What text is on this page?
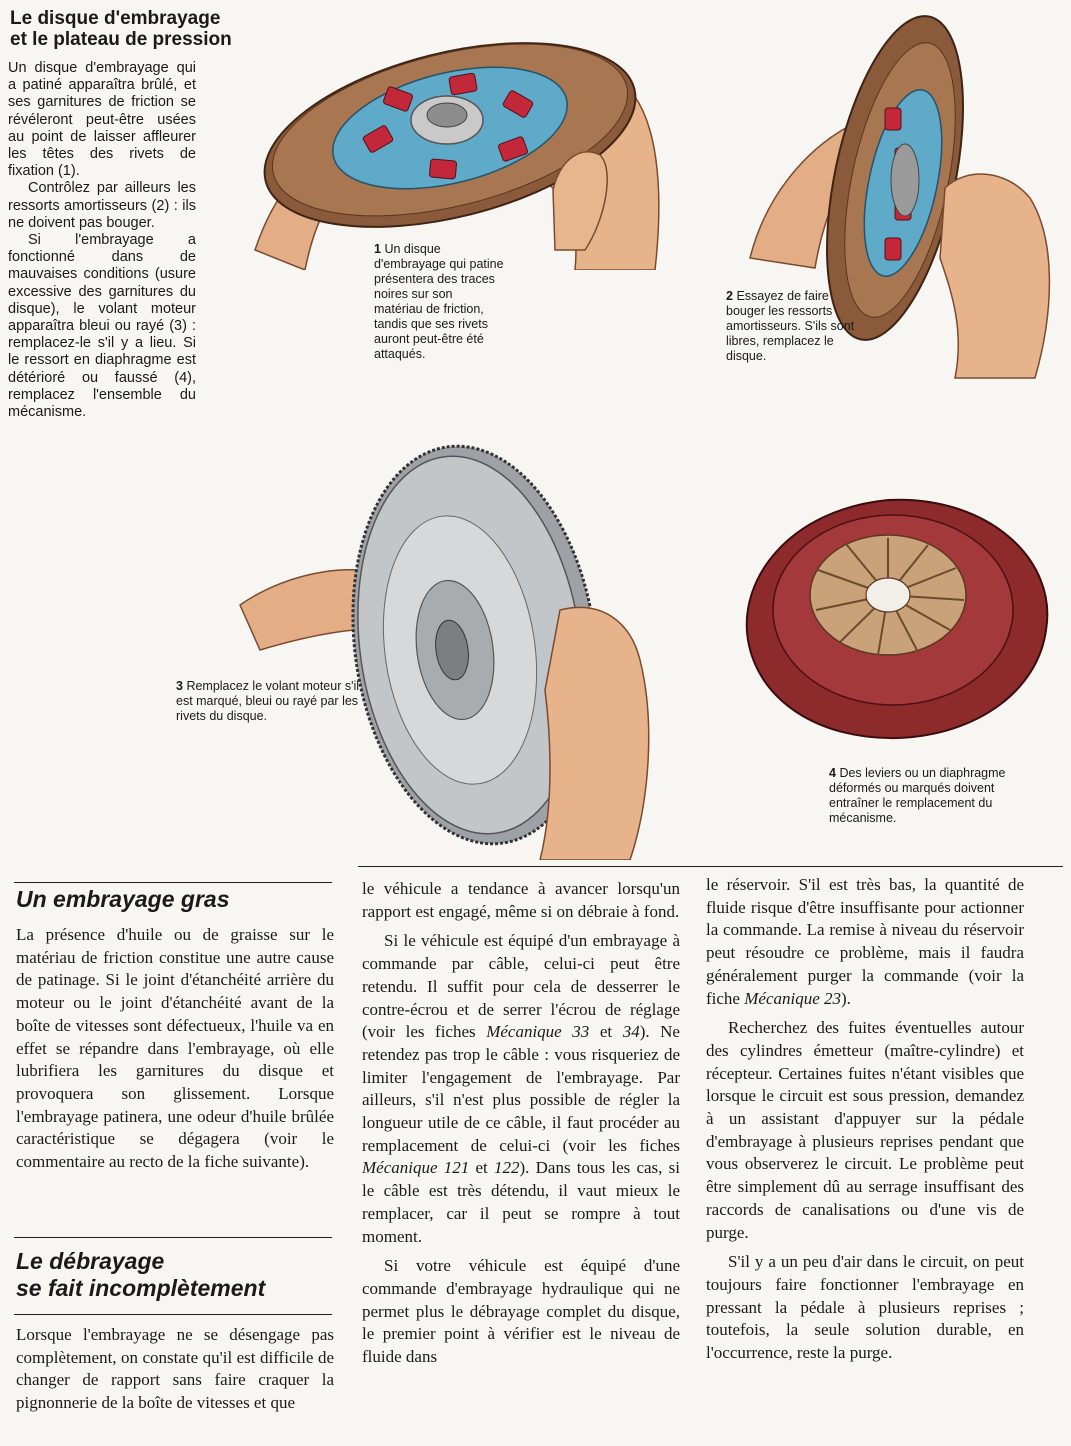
Le disque d'embrayage
et le plateau de pression

Un disque d'embrayage qui a patiné apparaîtra brûlé, et ses garnitures de friction se révéleront peut-être usées au point de laisser affleurer les têtes des rivets de fixation (1).

Contrôlez par ailleurs les ressorts amortisseurs (2) : ils ne doivent pas bouger.

Si l'embrayage a fonctionné dans de mauvaises conditions (usure excessive des garnitures du disque), le volant moteur apparaîtra bleui ou rayé (3) : remplacez-le s'il y a lieu. Si le ressort en diaphragme est détérioré ou faussé (4), remplacez l'ensemble du mécanisme.

1 Un disque d'embrayage qui patine présentera des traces noires sur son matériau de friction, tandis que ses rivets auront peut-être été attaqués.
2 Essayez de faire bouger les ressorts amortisseurs. S'ils sont libres, remplacez le disque.
3 Remplacez le volant moteur s'il est marqué, bleui ou rayé par les rivets du disque.
4 Des leviers ou un diaphragme déformés ou marqués doivent entraîner le remplacement du mécanisme.
Un embrayage gras

La présence d'huile ou de graisse sur le matériau de friction constitue une autre cause de patinage. Si le joint d'étanchéité arrière du moteur ou le joint d'étanchéité avant de la boîte de vitesses sont défectueux, l'huile va en effet se répandre dans l'embrayage, où elle lubrifiera les garnitures du disque et provoquera son glissement. Lorsque l'embrayage patinera, une odeur d'huile brûlée caractéristique se dégagera (voir le commentaire au recto de la fiche suivante).

Le débrayage
se fait incomplètement

Lorsque l'embrayage ne se désengage pas complètement, on constate qu'il est difficile de changer de rapport sans faire craquer la pignonnerie de la boîte de vitesses et que

le véhicule a tendance à avancer lorsqu'un rapport est engagé, même si on débraie à fond.

Si le véhicule est équipé d'un embrayage à commande par câble, celui-ci peut être retendu. Il suffit pour cela de desserrer le contre-écrou et de serrer l'écrou de réglage (voir les fiches Mécanique 33 et 34). Ne retendez pas trop le câble : vous risqueriez de limiter l'engagement de l'embrayage. Par ailleurs, s'il n'est plus possible de régler la longueur utile de ce câble, il faut procéder au remplacement de celui-ci (voir les fiches Mécanique 121 et 122). Dans tous les cas, si le câble est très détendu, il vaut mieux le remplacer, car il peut se rompre à tout moment.

Si votre véhicule est équipé d'une commande d'embrayage hydraulique qui ne permet plus le débrayage complet du disque, le premier point à vérifier est le niveau de fluide dans

le réservoir. S'il est très bas, la quantité de fluide risque d'être insuffisante pour actionner la commande. La remise à niveau du réservoir peut résoudre ce problème, mais il faudra généralement purger la commande (voir la fiche Mécanique 23).

Recherchez des fuites éventuelles autour des cylindres émetteur (maître-cylindre) et récepteur. Certaines fuites n'étant visibles que lorsque le circuit est sous pression, demandez à un assistant d'appuyer sur la pédale d'embrayage à plusieurs reprises pendant que vous observerez le circuit. Le problème peut être simplement dû au serrage insuffisant des raccords de canalisations ou d'une vis de purge.

S'il y a un peu d'air dans le circuit, on peut toujours faire fonctionner l'embrayage en pressant la pédale à plusieurs reprises ; toutefois, la seule solution durable, en l'occurrence, reste la purge.
